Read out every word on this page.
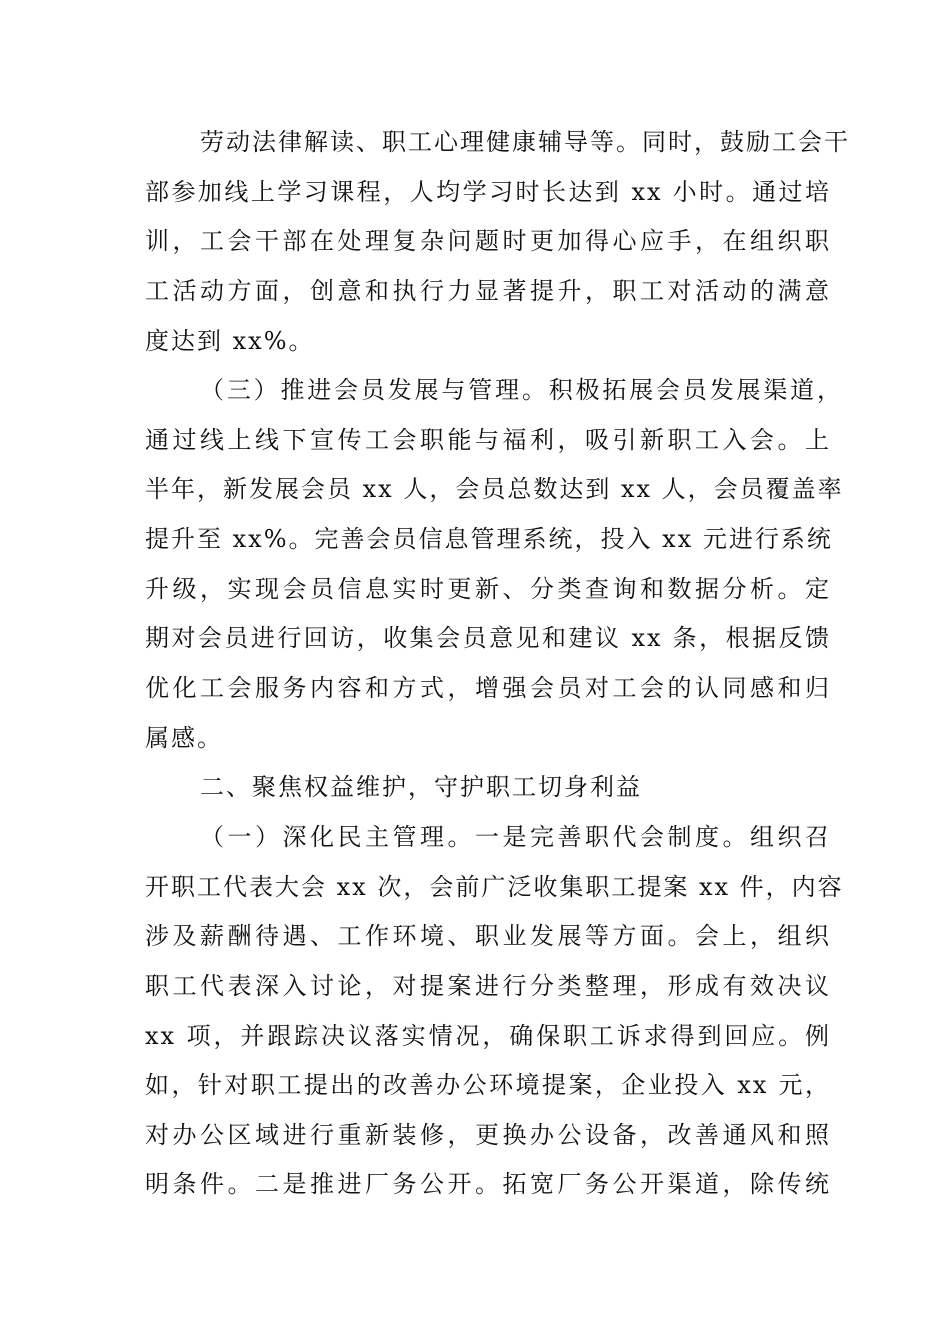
劳动法律解读、职工心理健康辅导等。同时，鼓励工会干
部参加线上学习课程，人均学习时长达到 xx 小时。通过培
训，工会干部在处理复杂问题时更加得心应手，在组织职
工活动方面，创意和执行力显著提升，职工对活动的满意
度达到 xx%。
（三）推进会员发展与管理。积极拓展会员发展渠道，
通过线上线下宣传工会职能与福利，吸引新职工入会。上
半年，新发展会员 xx 人，会员总数达到 xx 人，会员覆盖率
提升至 xx%。完善会员信息管理系统，投入 xx 元进行系统
升级，实现会员信息实时更新、分类查询和数据分析。定
期对会员进行回访，收集会员意见和建议 xx 条，根据反馈
优化工会服务内容和方式，增强会员对工会的认同感和归
属感。
二、聚焦权益维护，守护职工切身利益
（一）深化民主管理。一是完善职代会制度。组织召
开职工代表大会 xx 次，会前广泛收集职工提案 xx 件，内容
涉及薪酬待遇、工作环境、职业发展等方面。会上，组织
职工代表深入讨论，对提案进行分类整理，形成有效决议
xx 项，并跟踪决议落实情况，确保职工诉求得到回应。例
如，针对职工提出的改善办公环境提案，企业投入 xx 元，
对办公区域进行重新装修，更换办公设备，改善通风和照
明条件。二是推进厂务公开。拓宽厂务公开渠道，除传统
